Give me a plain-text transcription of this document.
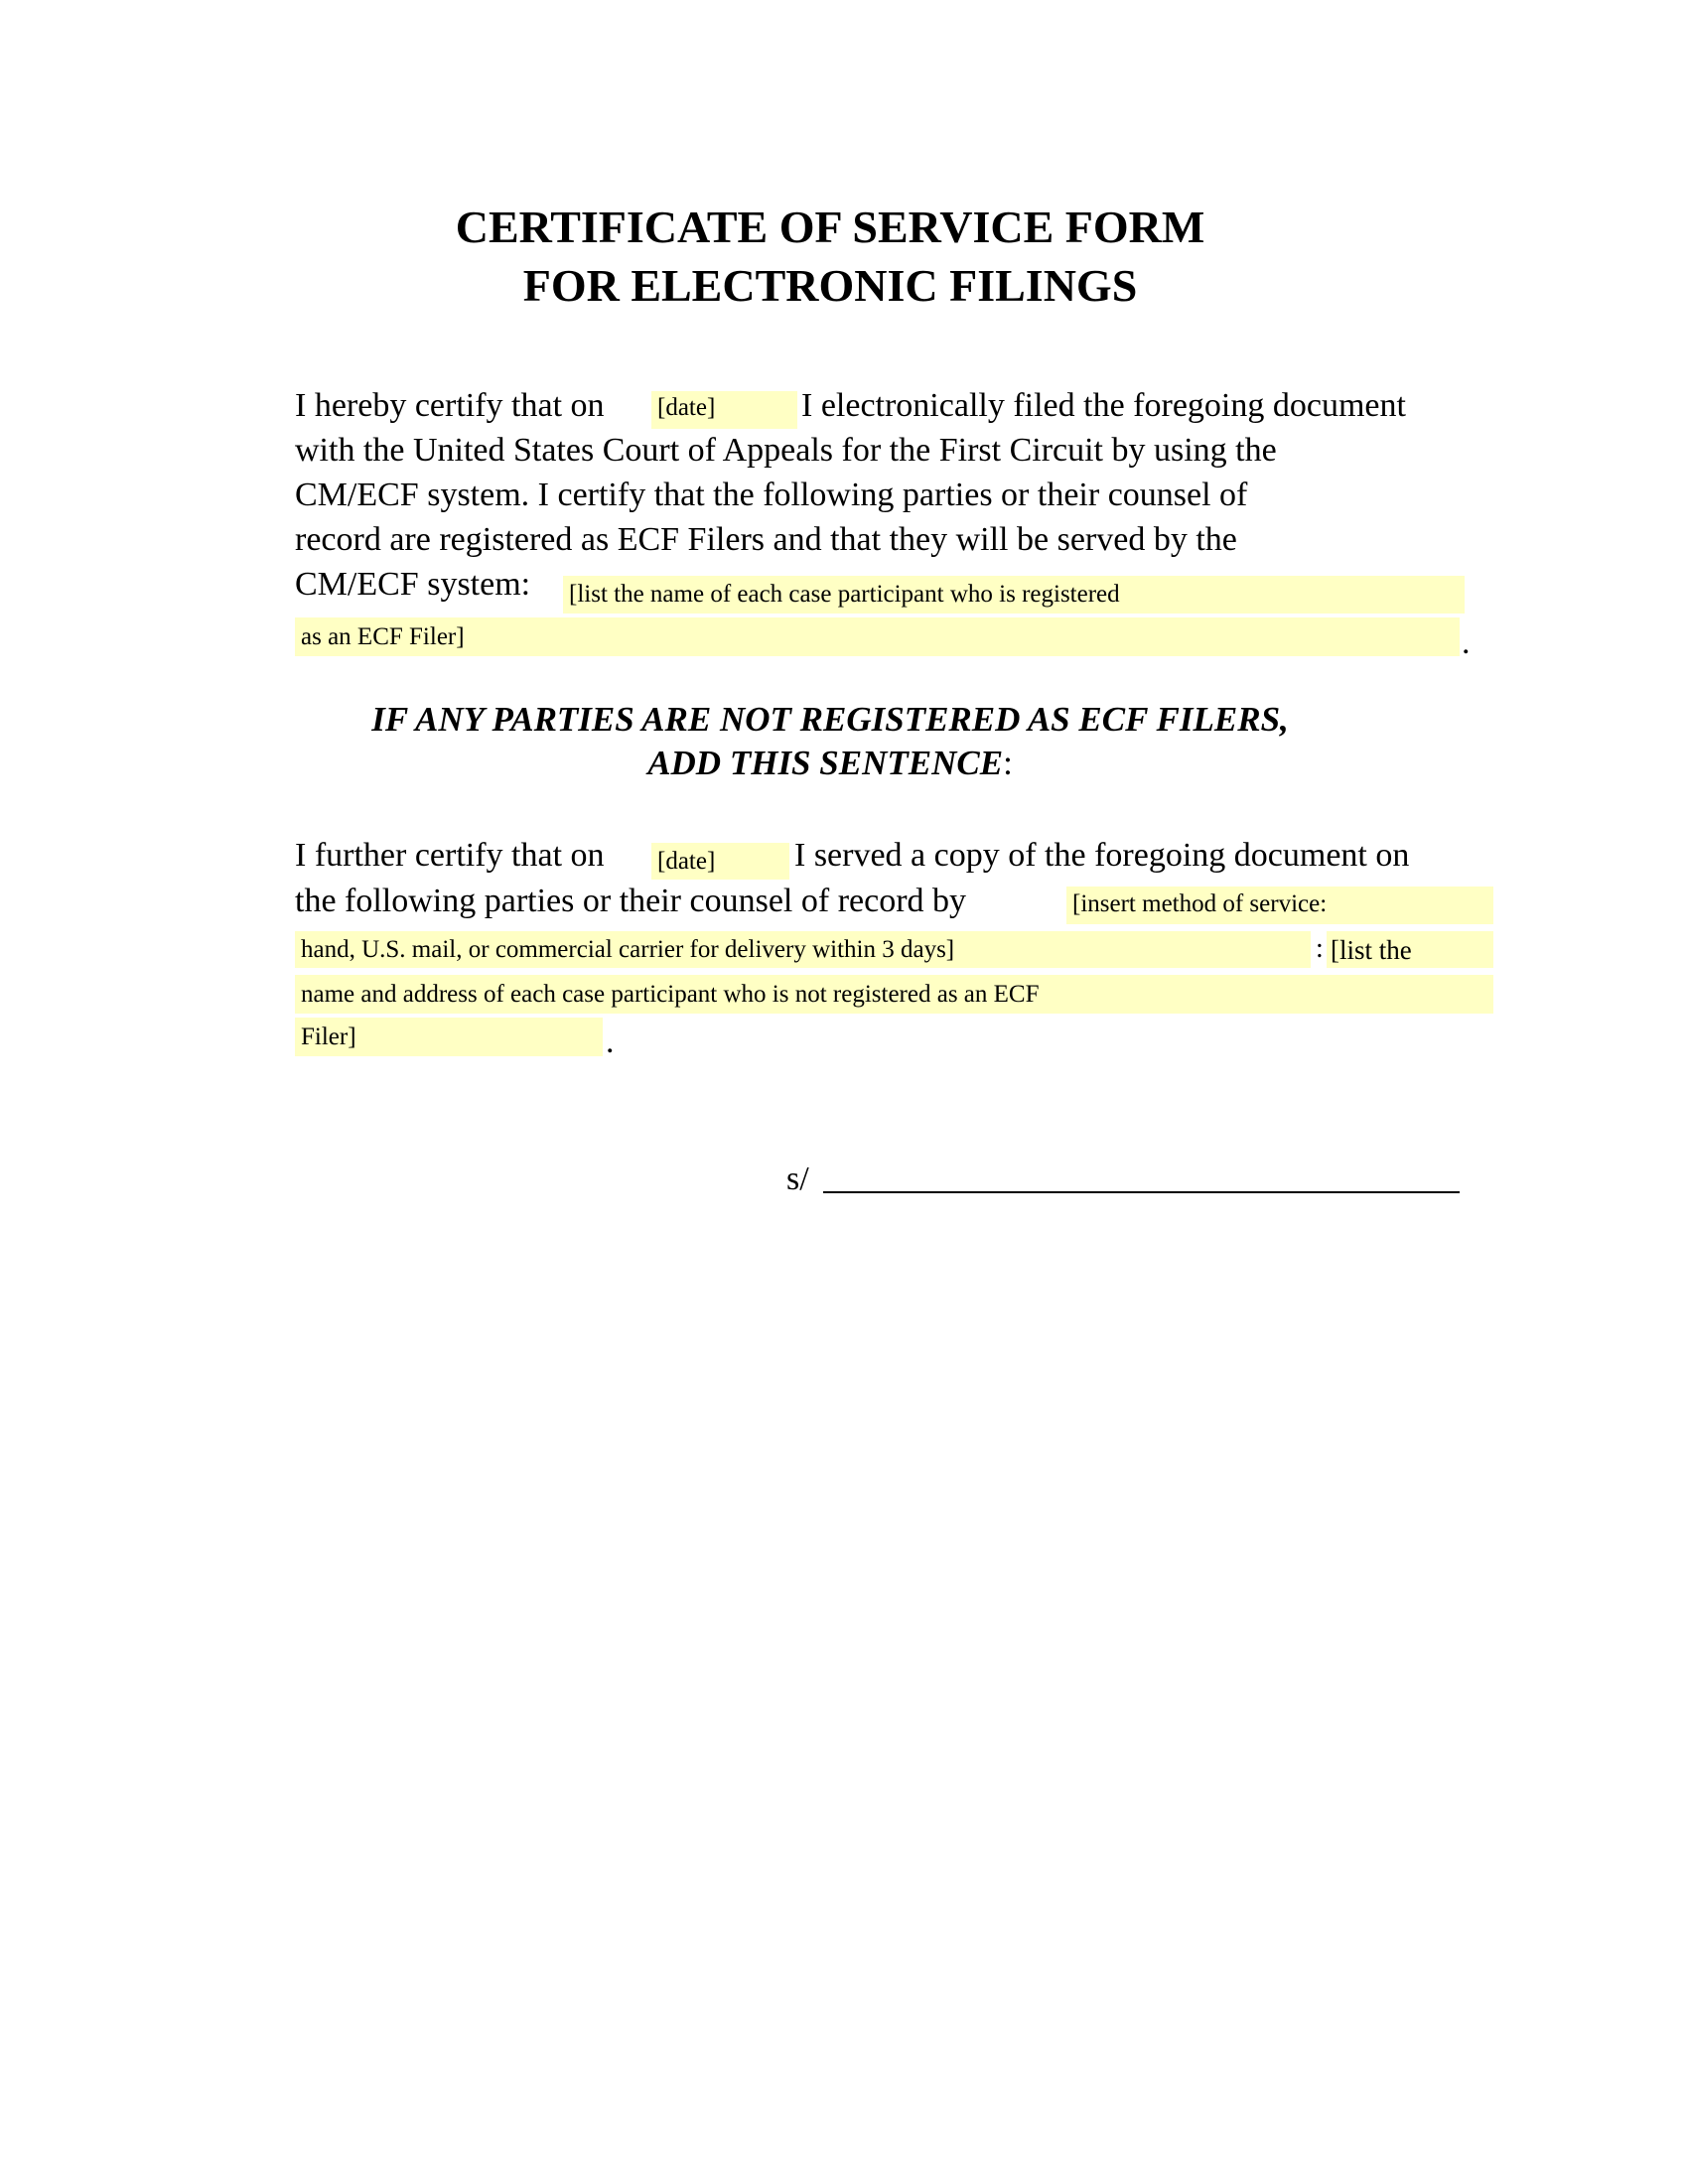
CERTIFICATE OF SERVICE FORM
FOR ELECTRONIC FILINGS
I hereby certify that on [date]	I electronically filed the foregoing document
with the United States Court of Appeals for the First Circuit by using the
CM/ECF system. I certify that the following parties or their counsel of
record are registered as ECF Filers and that they will be served by the
CM/ECF system: [list the name of each case participant who is registered
as an ECF Filer]	.
IF ANY PARTIES ARE NOT REGISTERED AS ECF FILERS,
ADD THIS SENTENCE:
I further certify that on [date]	I served a copy of the foregoing document on
the following parties or their counsel of record by	[insert method of service:
hand, U.S. mail, or commercial carrier for delivery within 3 days]	: [list the
name and address of each case participant who is not registered as an ECF
Filer]	.
s/
